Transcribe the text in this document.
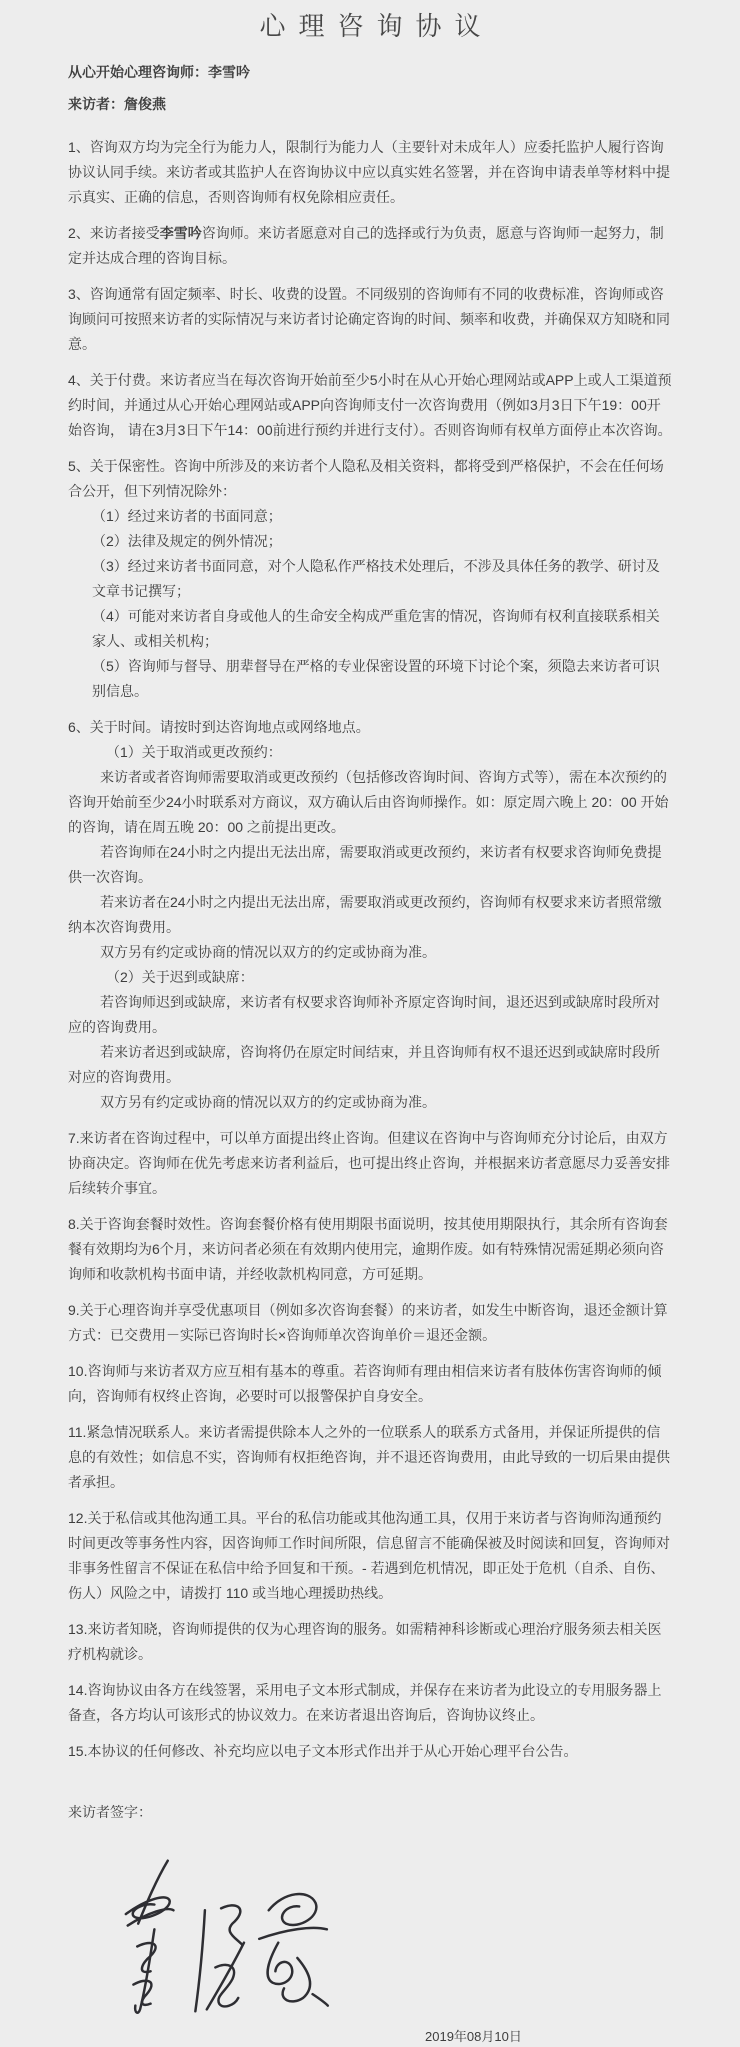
心理咨询协议

从心开始心理咨询师：李雪吟

来访者：詹俊燕

1、咨询双方均为完全行为能力人，限制行为能力人（主要针对未成年人）应委托监护人履行咨询协议认同手续。来访者或其监护人在咨询协议中应以真实姓名签署，并在咨询申请表单等材料中提示真实、正确的信息，否则咨询师有权免除相应责任。

2、来访者接受李雪吟咨询师。来访者愿意对自己的选择或行为负责，愿意与咨询师一起努力，制定并达成合理的咨询目标。

3、咨询通常有固定频率、时长、收费的设置。不同级别的咨询师有不同的收费标准，咨询师或咨询顾问可按照来访者的实际情况与来访者讨论确定咨询的时间、频率和收费，并确保双方知晓和同意。

4、关于付费。来访者应当在每次咨询开始前至少5小时在从心开始心理网站或APP上或人工渠道预约时间，并通过从心开始心理网站或APP向咨询师支付一次咨询费用（例如3月3日下午19：00开始咨询， 请在3月3日下午14：00前进行预约并进行支付）。否则咨询师有权单方面停止本次咨询。

5、关于保密性。咨询中所涉及的来访者个人隐私及相关资料，都将受到严格保护，不会在任何场合公开，但下列情况除外：

（1）经过来访者的书面同意；

（2）法律及规定的例外情况；

（3）经过来访者书面同意，对个人隐私作严格技术处理后，不涉及具体任务的教学、研讨及文章书记撰写；

（4）可能对来访者自身或他人的生命安全构成严重危害的情况，咨询师有权利直接联系相关家人、或相关机构；

（5）咨询师与督导、朋辈督导在严格的专业保密设置的环境下讨论个案，须隐去来访者可识别信息。

6、关于时间。请按时到达咨询地点或网络地点。

（1）关于取消或更改预约：

来访者或者咨询师需要取消或更改预约（包括修改咨询时间、咨询方式等），需在本次预约的咨询开始前至少24小时联系对方商议，双方确认后由咨询师操作。如：原定周六晚上 20：00 开始的咨询，请在周五晚 20：00 之前提出更改。

若咨询师在24小时之内提出无法出席，需要取消或更改预约，来访者有权要求咨询师免费提供一次咨询。

若来访者在24小时之内提出无法出席，需要取消或更改预约，咨询师有权要求来访者照常缴纳本次咨询费用。

双方另有约定或协商的情况以双方的约定或协商为准。

（2）关于迟到或缺席：

若咨询师迟到或缺席，来访者有权要求咨询师补齐原定咨询时间，退还迟到或缺席时段所对应的咨询费用。

若来访者迟到或缺席，咨询将仍在原定时间结束，并且咨询师有权不退还迟到或缺席时段所对应的咨询费用。

双方另有约定或协商的情况以双方的约定或协商为准。

7.来访者在咨询过程中，可以单方面提出终止咨询。但建议在咨询中与咨询师充分讨论后，由双方协商决定。咨询师在优先考虑来访者利益后，也可提出终止咨询，并根据来访者意愿尽力妥善安排后续转介事宜。

8.关于咨询套餐时效性。咨询套餐价格有使用期限书面说明，按其使用期限执行，其余所有咨询套餐有效期均为6个月，来访问者必须在有效期内使用完，逾期作废。如有特殊情况需延期必须向咨询师和收款机构书面申请，并经收款机构同意，方可延期。

9.关于心理咨询并享受优惠项目（例如多次咨询套餐）的来访者，如发生中断咨询，退还金额计算方式：已交费用－实际已咨询时长×咨询师单次咨询单价＝退还金额。

10.咨询师与来访者双方应互相有基本的尊重。若咨询师有理由相信来访者有肢体伤害咨询师的倾向，咨询师有权终止咨询，必要时可以报警保护自身安全。

11.紧急情况联系人。来访者需提供除本人之外的一位联系人的联系方式备用，并保证所提供的信息的有效性；如信息不实，咨询师有权拒绝咨询，并不退还咨询费用，由此导致的一切后果由提供者承担。

12.关于私信或其他沟通工具。平台的私信功能或其他沟通工具，仅用于来访者与咨询师沟通预约时间更改等事务性内容，因咨询师工作时间所限，信息留言不能确保被及时阅读和回复，咨询师对非事务性留言不保证在私信中给予回复和干预。- 若遇到危机情况，即正处于危机（自杀、自伤、伤人）风险之中，请拨打 110 或当地心理援助热线。

13.来访者知晓，咨询师提供的仅为心理咨询的服务。如需精神科诊断或心理治疗服务须去相关医疗机构就诊。

14.咨询协议由各方在线签署，采用电子文本形式制成，并保存在来访者为此设立的专用服务器上备查，各方均认可该形式的协议效力。在来访者退出咨询后，咨询协议终止。

15.本协议的任何修改、补充均应以电子文本形式作出并于从心开始心理平台公告。

来访者签字：

2019年08月10日
